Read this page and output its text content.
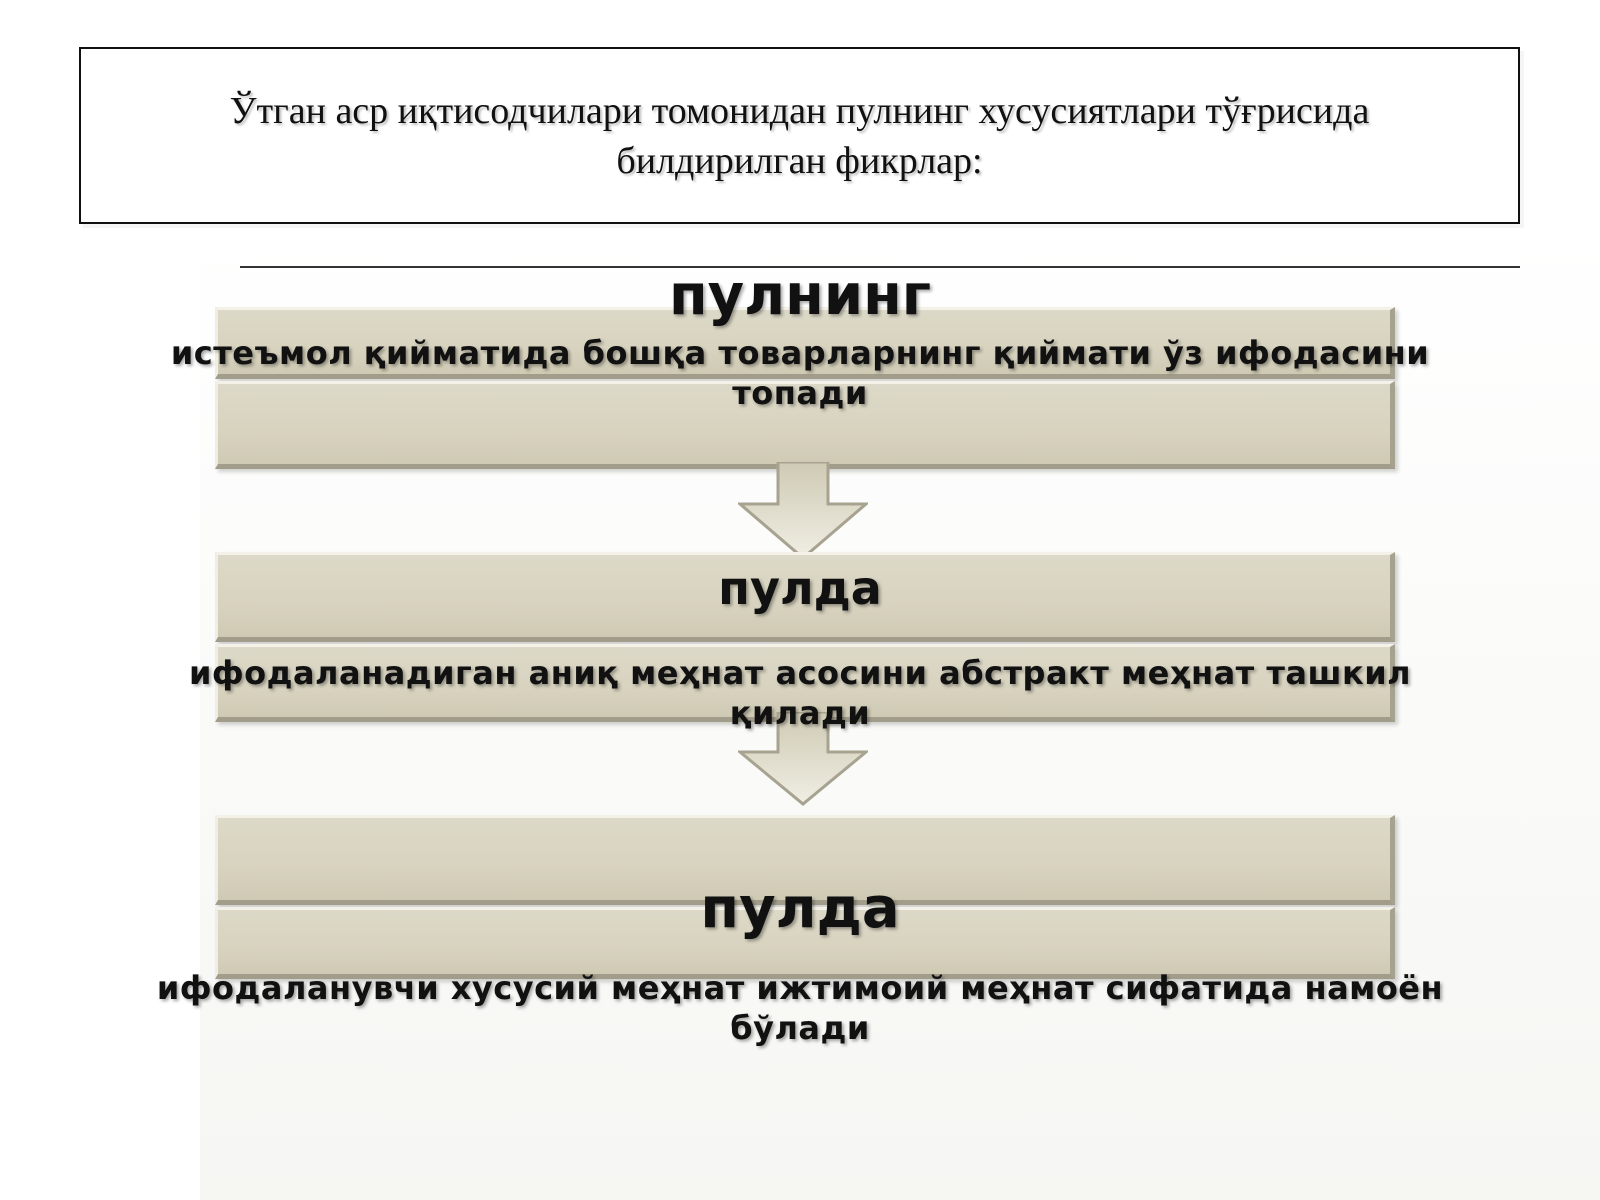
Ўтган аср иқтисодчилари томонидан пулнинг хусусиятлари тўғрисида билдирилган фикрлар:
пулнинг
истеъмол қийматида бошқа товарларнинг қиймати ўз ифодасини топади
пулда
ифодаланадиган аниқ меҳнат асосини абстракт меҳнат ташкил қилади
пулда
ифодаланувчи хусусий меҳнат ижтимоий меҳнат сифатида намоён бўлади
